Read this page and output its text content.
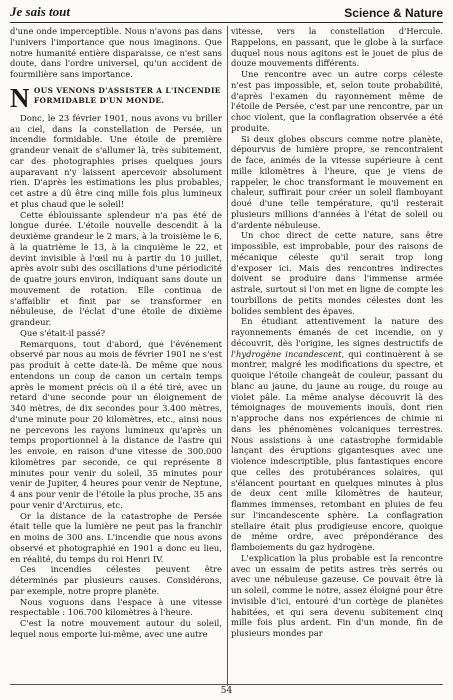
Je sais tout	Science & Nature

d'une onde imperceptible. Nous n'avons pas dans l'univers l'importance que nous imaginons. Que notre humanité entière disparaisse, ce n'est sans doute, dans l'ordre universel, qu'un accident de fourmilière sans importance.

N OUS VENONS D'ASSISTER A L'INCENDIE FORMIDABLE D'UN MONDE.

Donc, le 23 février 1901, nous avons vu briller au ciel, dans la constellation de Persée, un incendie formidable. Une étoile de première grandeur venait de s'allumer là, très subitement, car des photographies prises quelques jours auparavant n'y laissent apercevoir absolument rien. D'après les estimations les plus probables, cet astre a dû être cinq mille fois plus lumineux et plus chaud que le soleil!

Cette éblouissante splendeur n'a pas été de longue durée. L'étoile nouvelle descendit à la deuxième grandeur le 2 mars, à la troisième le 6, à la quatrième le 13, à la cinquième le 22, et devint invisible à l'œil nu à partir du 10 juillet, après avoir subi des oscillations d'une périodicité de quatre jours environ, indiquant sans doute un mouvement de rotation. Elle continua de s'affaiblir et finit par se transformer en nébuleuse, de l'éclat d'une étoile de dixième grandeur.

Que s'était-il passé?

Remarquons, tout d'abord, que l'événement observé par nous au mois de février 1901 ne s'est pas produit à cette date-là. De même que nous entendons un coup de canon un certain temps après le moment précis où il a été tiré, avec un retard d'une seconde pour un éloignement de 340 mètres, de dix secondes pour 3.400 mètres, d'une minute pour 20 kilomètres, etc., ainsi nous ne percevons les rayons lumineux qu'après un temps proportionnel à la distance de l'astre qui les envoie, en raison d'une vitesse de 300.000 kilomètres par seconde, ce qui représente 8 minutes pour venir du soleil, 35 minutes pour venir de Jupiter, 4 heures pour venir de Neptune, 4 ans pour venir de l'étoile la plus proche, 35 ans pour venir d'Arcturus, etc.

Or la distance de la catastrophe de Persée était telle que la lumière ne peut pas la franchir en moins de 300 ans. L'incendie que nous avons observé et photographié en 1901 a donc eu lieu, en réalité, du temps du roi Henri IV.

Ces incendies célestes peuvent être déterminés par plusieurs causes. Considérons, par exemple, notre propre planète.

Nous voguons dans l'espace à une vitesse respectable : 106.700 kilomètres à l'heure.

C'est la notre mouvement autour du soleil, lequel nous emporte lui-même, avec une autre

vitesse, vers la constellation d'Hercule. Rappelons, en passant, que le globe à la surface duquel nous nous agitons est le jouet de plus de douze mouvements différents.

Une rencontre avec un autre corps céleste n'est pas impossible, et, selon toute probabilité, d'après l'examen du rayonnement même de l'étoile de Persée, c'est par une rencontre, par un choc violent, que la conflagration observée a été produite.

Si deux globes obscurs comme notre planète, dépourvus de lumière propre, se rencontraient de face, animés de la vitesse supérieure à cent mille kilomètres à l'heure, que je viens de rappeler, le choc transformant le mouvement en chaleur, suffirait pour créer un soleil flamboyant doué d'une telle température, qu'il resterait plusieurs millions d'années à l'état de soleil ou d'ardente nébuleuse.

Un choc direct de cette nature, sans être impossible, est improbable, pour des raisons de mécanique céleste qu'il serait trop long d'exposer ici. Mais des rencontres indirectes doivent se produire dans l'immense armée astrale, surtout si l'on met en ligne de compte les tourbillons de petits mondes célestes dont les bolides semblent des épaves.

En étudiant attentivement la nature des rayonnements émanés de cet incendie, on y découvrit, dès l'origine, les signes destructifs de l'hydrogène incandescent, qui continuèrent à se montrer, malgré les modifications du spectre, et quoique l'étoile changeât de couleur, passant du blanc au jaune, du jaune au rouge, du rouge au violet pâle. La même analyse découvrit là des témoignages de mouvements inouïs, dont rien n'approche dans nos expériences de chimie ni dans les phénomènes volcaniques terrestres. Nous assistions à une catastrophe formidable lançant des éruptions gigantesques avec une violence indescriptible, plus fantastiques encore que celles des protubérances solaires, qui s'élancent pourtant en quelques minutes à plus de deux cent mille kilomètres de hauteur, flammes immenses, retombant en pluies de feu sur l'incandescente sphère. La conflagration stellaire était plus prodigieuse encore, quoique de même ordre, avec prépondérance des flamboiements du gaz hydrogène.

L'explication la plus probable est la rencontre avec un essaim de petits astres très serrés ou avec une nébuleuse gazeuse. Ce pouvait être là un soleil, comme le notre, assez éloigné pour être invisible d'ici, entouré d'un cortège de planètes habitées, et qui sera devenu subitement cinq mille fois plus ardent. Fin d'un monde, fin de plusieurs mondes par

54
